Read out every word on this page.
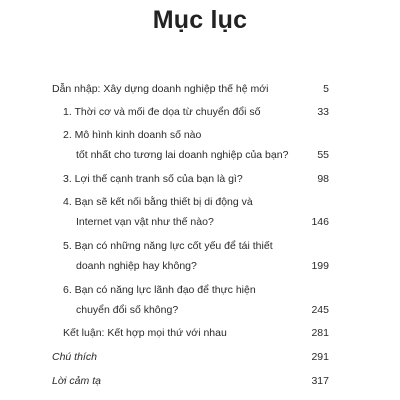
Mục lục
Dẫn nhập: Xây dựng doanh nghiệp thế hệ mới	5
1. Thời cơ và mối đe dọa từ chuyển đổi số	33
2. Mô hình kinh doanh số nào
tốt nhất cho tương lai doanh nghiệp của bạn?	55
3. Lợi thế cạnh tranh số của bạn là gì?	98
4. Bạn sẽ kết nối bằng thiết bị di động và
Internet vạn vật như thế nào?	146
5. Bạn có những năng lực cốt yếu để tái thiết
doanh nghiệp hay không?	199
6. Bạn có năng lực lãnh đạo để thực hiện
chuyển đổi số không?	245
Kết luận: Kết hợp mọi thứ với nhau	281
Chú thích	291
Lời cảm tạ	317
